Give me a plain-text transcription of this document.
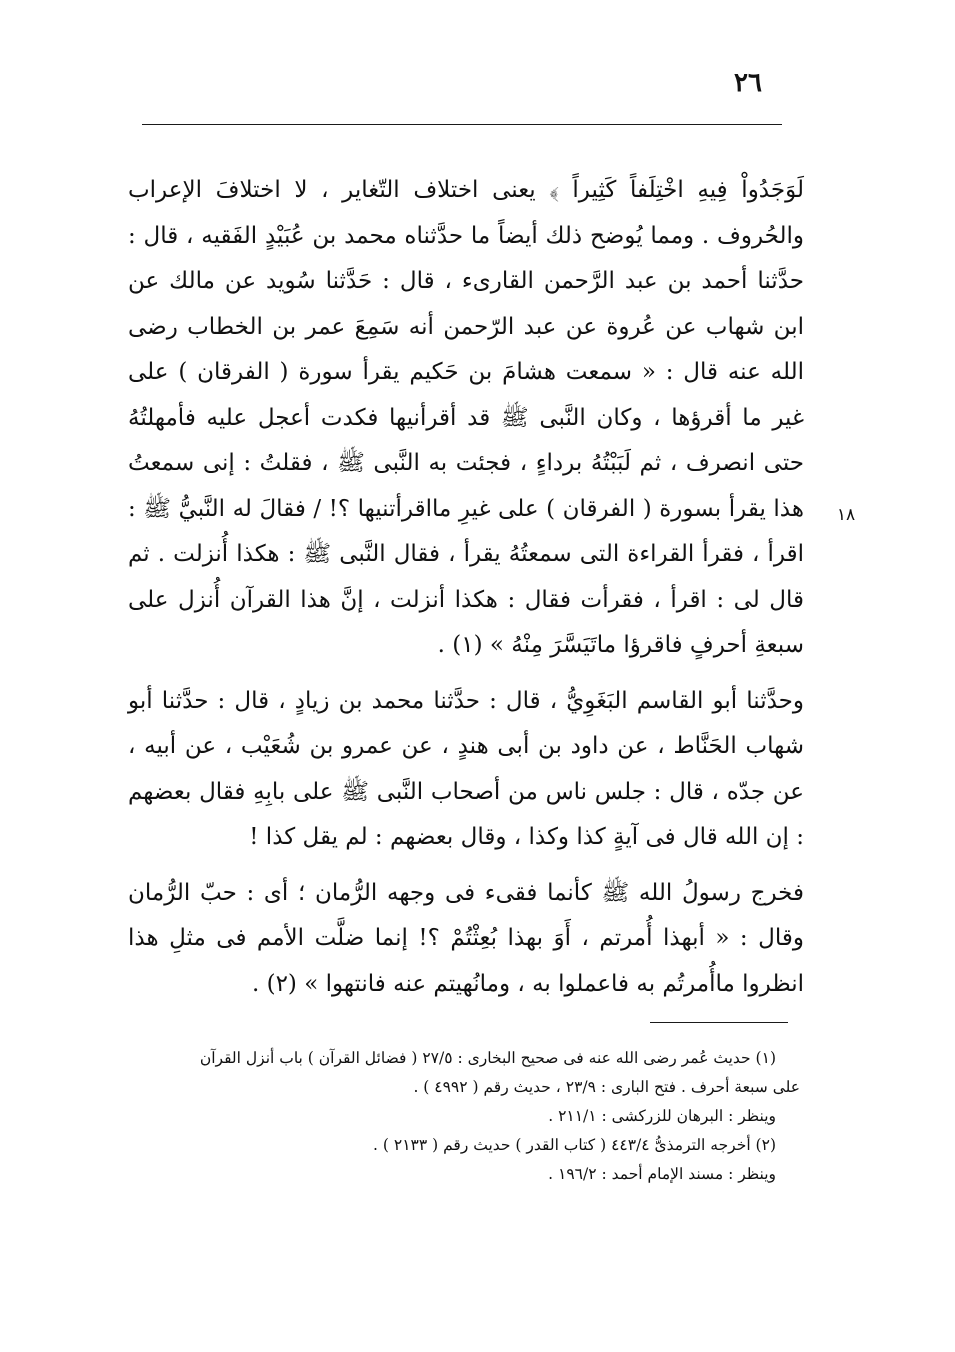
٢٦
١٨

لَوَجَدُواْ فِيهِ اخْتِلَفاً كَثِيراً ﴾ يعنى اختلاف التّغاير ، لا اختلافَ الإعراب والحُروف . ومما يُوضح ذلك أيضاً ما حدَّثناه محمد بن عُبَيْدٍ الفَقيه ، قال : حدَّثنا أحمد بن عبد الرَّحمن القارىء ، قال : حَدَّثنا سُويد عن مالك عن ابن شهاب عن عُروة عن عبد الرّحمن أنه سَمِعَ عمر بن الخطاب رضى الله عنه قال : « سمعت هشامَ بن حَكيم يقرأ سورة ( الفرقان ) على غير ما أقرؤها ، وكان النَّبى ﷺ قد أقرأنيها فكدت أعجل عليه فأمهلتُهُ حتى انصرف ، ثم لَبَبْتُهُ برداءٍ ، فجئت به النَّبى ﷺ ، فقلتُ : إنى سمعتُ هذا يقرأ بسورة ( الفرقان ) على غيرِ مااقرأتنيها ؟! / فقالَ له النَّبيُّ ﷺ : اقرأ ، فقرأ القراءة التى سمعتُهُ يقرأ ، فقال النَّبى ﷺ : هكذا أُنزلت . ثم قال لى : اقرأ ، فقرأت فقال : هكذا أنزلت ، إنَّ هذا القرآن أُنزل على سبعةِ أحرفٍ فاقرؤا ماتَيَسَّرَ مِنْهُ » (١) .

وحدَّثنا أبو القاسم البَغَوِيُّ ، قال : حدَّثنا محمد بن زيادٍ ، قال : حدَّثنا أبو شهاب الحَنَّاط ، عن داود بن أبى هندٍ ، عن عمرو بن شُعَيْب ، عن أبيه ، عن جدّه ، قال : جلس ناس من أصحاب النَّبى ﷺ على بابِهِ فقال بعضهم : إن الله قال فى آيةٍ كذا وكذا ، وقال بعضهم : لم يقل كذا !

فخرج رسولُ الله ﷺ كأنما فقىء فى وجهه الرُّمان ؛ أى : حبّ الرُّمان وقال : « أبهذا أُمرتم ، أَوَ بهذا بُعِثْتُمْ ؟! إنما ضلَّت الأمم فى مثلِ هذا انظروا ماأُمرتُم به فاعملوا به ، ومانُهيتم عنه فانتهوا » (٢) .

(١) حديث عُمر رضى الله عنه فى صحيح البخارى : ٢٧/٥ ( فضائل القرآن ) باب أنزل القرآن

على سبعة أحرف . فتح البارى : ٢٣/٩ ، حديث رقم ( ٤٩٩٢ ) .

وينظر : البرهان للزركشى : ٢١١/١ .

(٢) أخرجه الترمذىُّ ٤٤٣/٤ ( كتاب القدر ) حديث رقم ( ٢١٣٣ ) .

وينظر : مسند الإمام أحمد : ١٩٦/٢ .
